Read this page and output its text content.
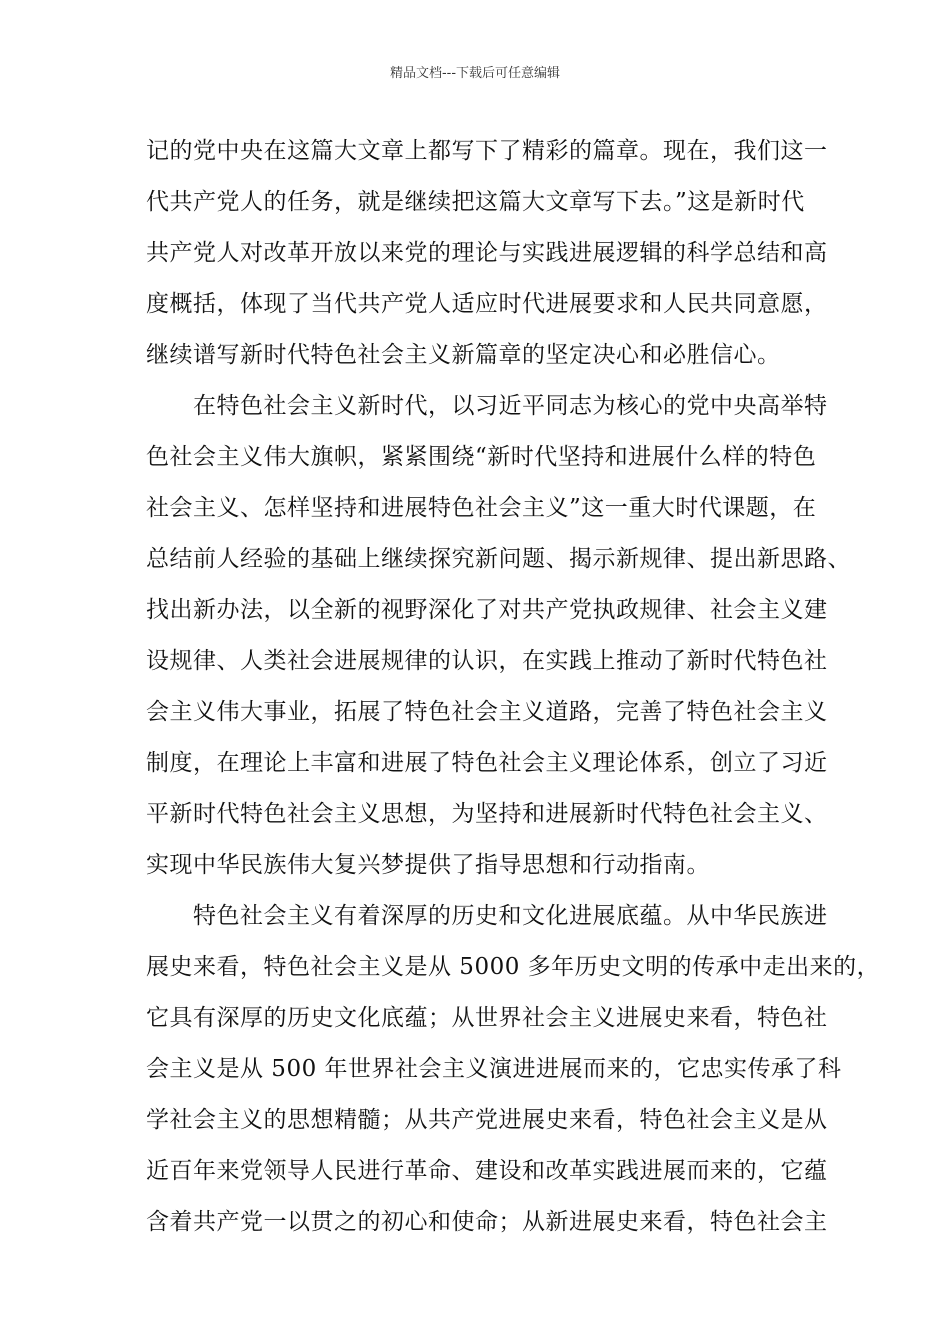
精品文档---下载后可任意编辑
记的党中央在这篇大文章上都写下了精彩的篇章。现在，我们这一
代共产党人的任务，就是继续把这篇大文章写下去。”这是新时代
共产党人对改革开放以来党的理论与实践进展逻辑的科学总结和高
度概括，体现了当代共产党人适应时代进展要求和人民共同意愿，
继续谱写新时代特色社会主义新篇章的坚定决心和必胜信心。
　　在特色社会主义新时代，以习近平同志为核心的党中央高举特
色社会主义伟大旗帜，紧紧围绕“新时代坚持和进展什么样的特色
社会主义、怎样坚持和进展特色社会主义”这一重大时代课题，在
总结前人经验的基础上继续探究新问题、揭示新规律、提出新思路、
找出新办法，以全新的视野深化了对共产党执政规律、社会主义建
设规律、人类社会进展规律的认识，在实践上推动了新时代特色社
会主义伟大事业，拓展了特色社会主义道路，完善了特色社会主义
制度，在理论上丰富和进展了特色社会主义理论体系，创立了习近
平新时代特色社会主义思想，为坚持和进展新时代特色社会主义、
实现中华民族伟大复兴梦提供了指导思想和行动指南。
　　特色社会主义有着深厚的历史和文化进展底蕴。从中华民族进
展史来看，特色社会主义是从 5000 多年历史文明的传承中走出来的，
它具有深厚的历史文化底蕴；从世界社会主义进展史来看，特色社
会主义是从 500 年世界社会主义演进进展而来的，它忠实传承了科
学社会主义的思想精髓；从共产党进展史来看，特色社会主义是从
近百年来党领导人民进行革命、建设和改革实践进展而来的，它蕴
含着共产党一以贯之的初心和使命；从新进展史来看，特色社会主
